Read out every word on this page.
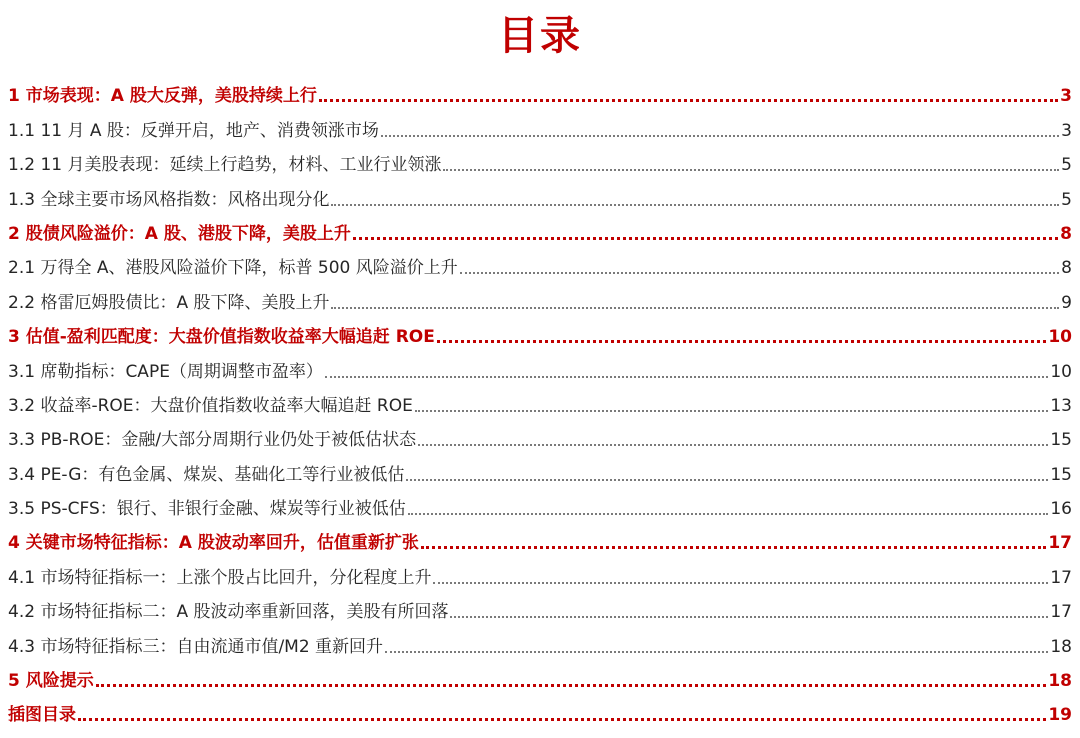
目录
1 市场表现：A 股大反弹，美股持续上行	3
1.1 11 月 A 股：反弹开启，地产、消费领涨市场	3
1.2 11 月美股表现：延续上行趋势，材料、工业行业领涨	5
1.3 全球主要市场风格指数：风格出现分化	5
2 股债风险溢价：A 股、港股下降，美股上升	8
2.1 万得全 A、港股风险溢价下降，标普 500 风险溢价上升	8
2.2 格雷厄姆股债比：A 股下降、美股上升	9
3 估值-盈利匹配度：大盘价值指数收益率大幅追赶 ROE	10
3.1 席勒指标：CAPE（周期调整市盈率）	10
3.2 收益率-ROE：大盘价值指数收益率大幅追赶 ROE	13
3.3 PB-ROE：金融/大部分周期行业仍处于被低估状态	15
3.4 PE-G：有色金属、煤炭、基础化工等行业被低估	15
3.5 PS-CFS：银行、非银行金融、煤炭等行业被低估	16
4 关键市场特征指标：A 股波动率回升，估值重新扩张	17
4.1 市场特征指标一：上涨个股占比回升，分化程度上升	17
4.2 市场特征指标二：A 股波动率重新回落，美股有所回落	17
4.3 市场特征指标三：自由流通市值/M2 重新回升	18
5 风险提示	18
插图目录	19
